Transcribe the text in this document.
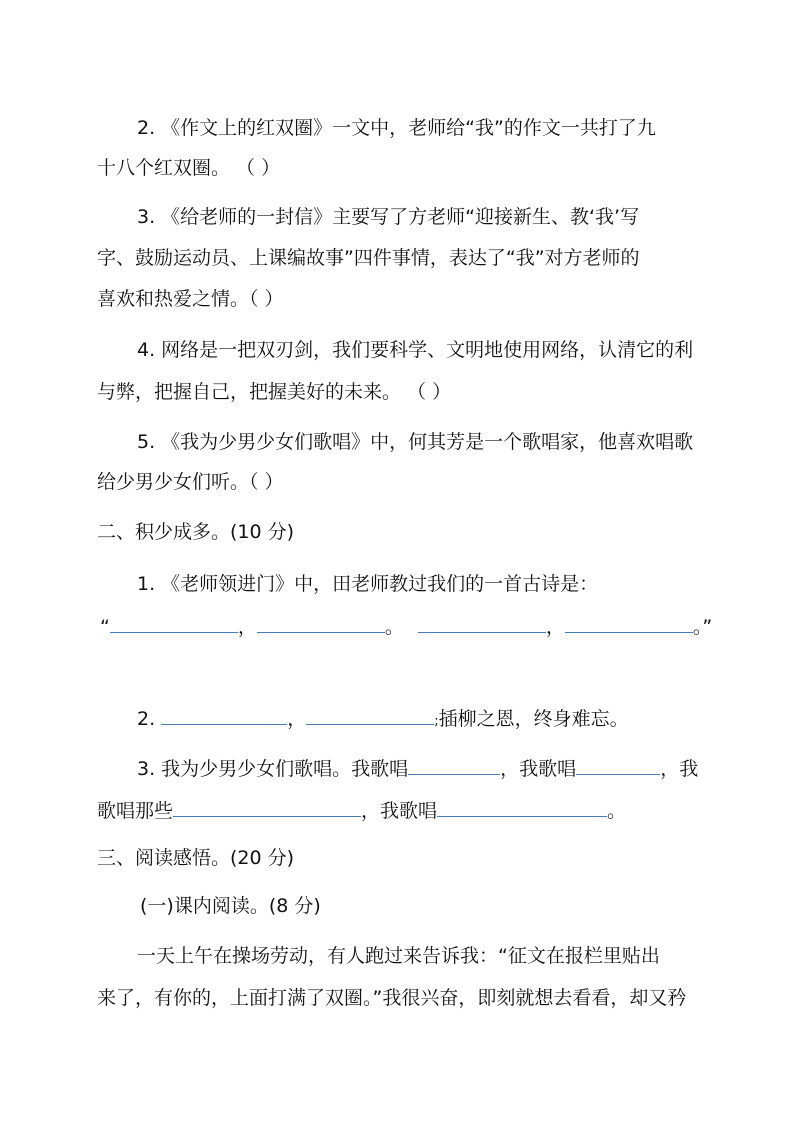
2. 《作文上的红双圈》一文中，老师给“我”的作文一共打了九
十八个红双圈。 （ ）
3. 《给老师的一封信》主要写了方老师“迎接新生、教‘我’写
字、鼓励运动员、上课编故事”四件事情，表达了“我”对方老师的
喜欢和热爱之情。（ ）
4. 网络是一把双刃剑，我们要科学、文明地使用网络，认清它的利
与弊，把握自己，把握美好的未来。 （ ）
5. 《我为少男少女们歌唱》中，何其芳是一个歌唱家，他喜欢唱歌
给少男少女们听。（ ）
二、积少成多。(10 分)
1. 《老师领进门》中，田老师教过我们的一首古诗是：
“	，	。	，	。”
2.	，	;插柳之恩，终身难忘。
3. 我为少男少女们歌唱。我歌唱	，我歌唱	，我
歌唱那些	，我歌唱	。
三、阅读感悟。(20 分)
(一)课内阅读。(8 分)
一天上午在操场劳动，有人跑过来告诉我：“征文在报栏里贴出
来了，有你的，上面打满了双圈。”我很兴奋，即刻就想去看看，却又矜
